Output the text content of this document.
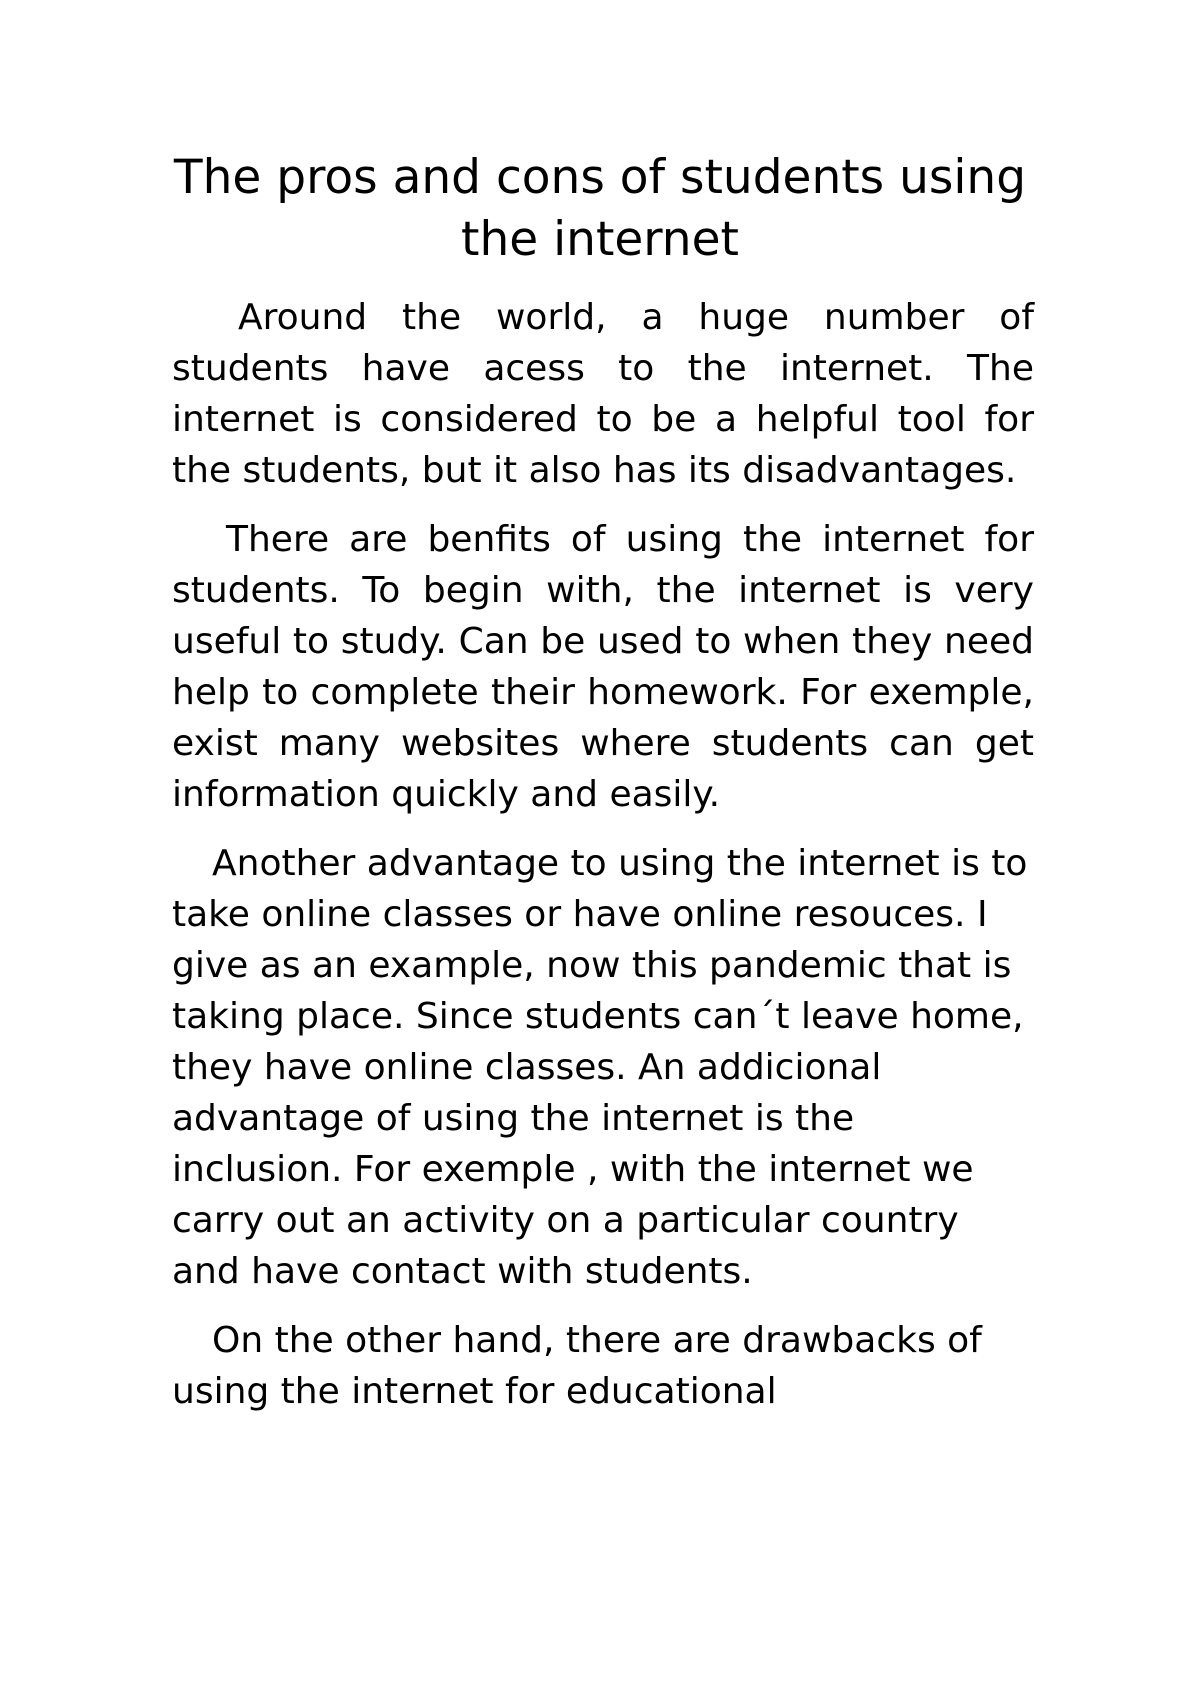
The pros and cons of students using the internet

Around the world, a huge number of students have acess to the internet. The internet is considered to be a helpful tool for the students, but it also has its disadvantages.

There are benfits of using the internet for students. To begin with, the internet is very useful to study. Can be used to when they need help to complete their homework. For exemple, exist many websites where students can get information quickly and easily.

Another advantage to using the internet is to take online classes or have online resouces. I give as an example, now this pandemic that is taking place. Since students can´t leave home, they have online classes. An addicional advantage of using the internet is the inclusion. For exemple , with the internet we carry out an activity on a particular country and have contact with students.

On the other hand, there are drawbacks of using the internet for educational
